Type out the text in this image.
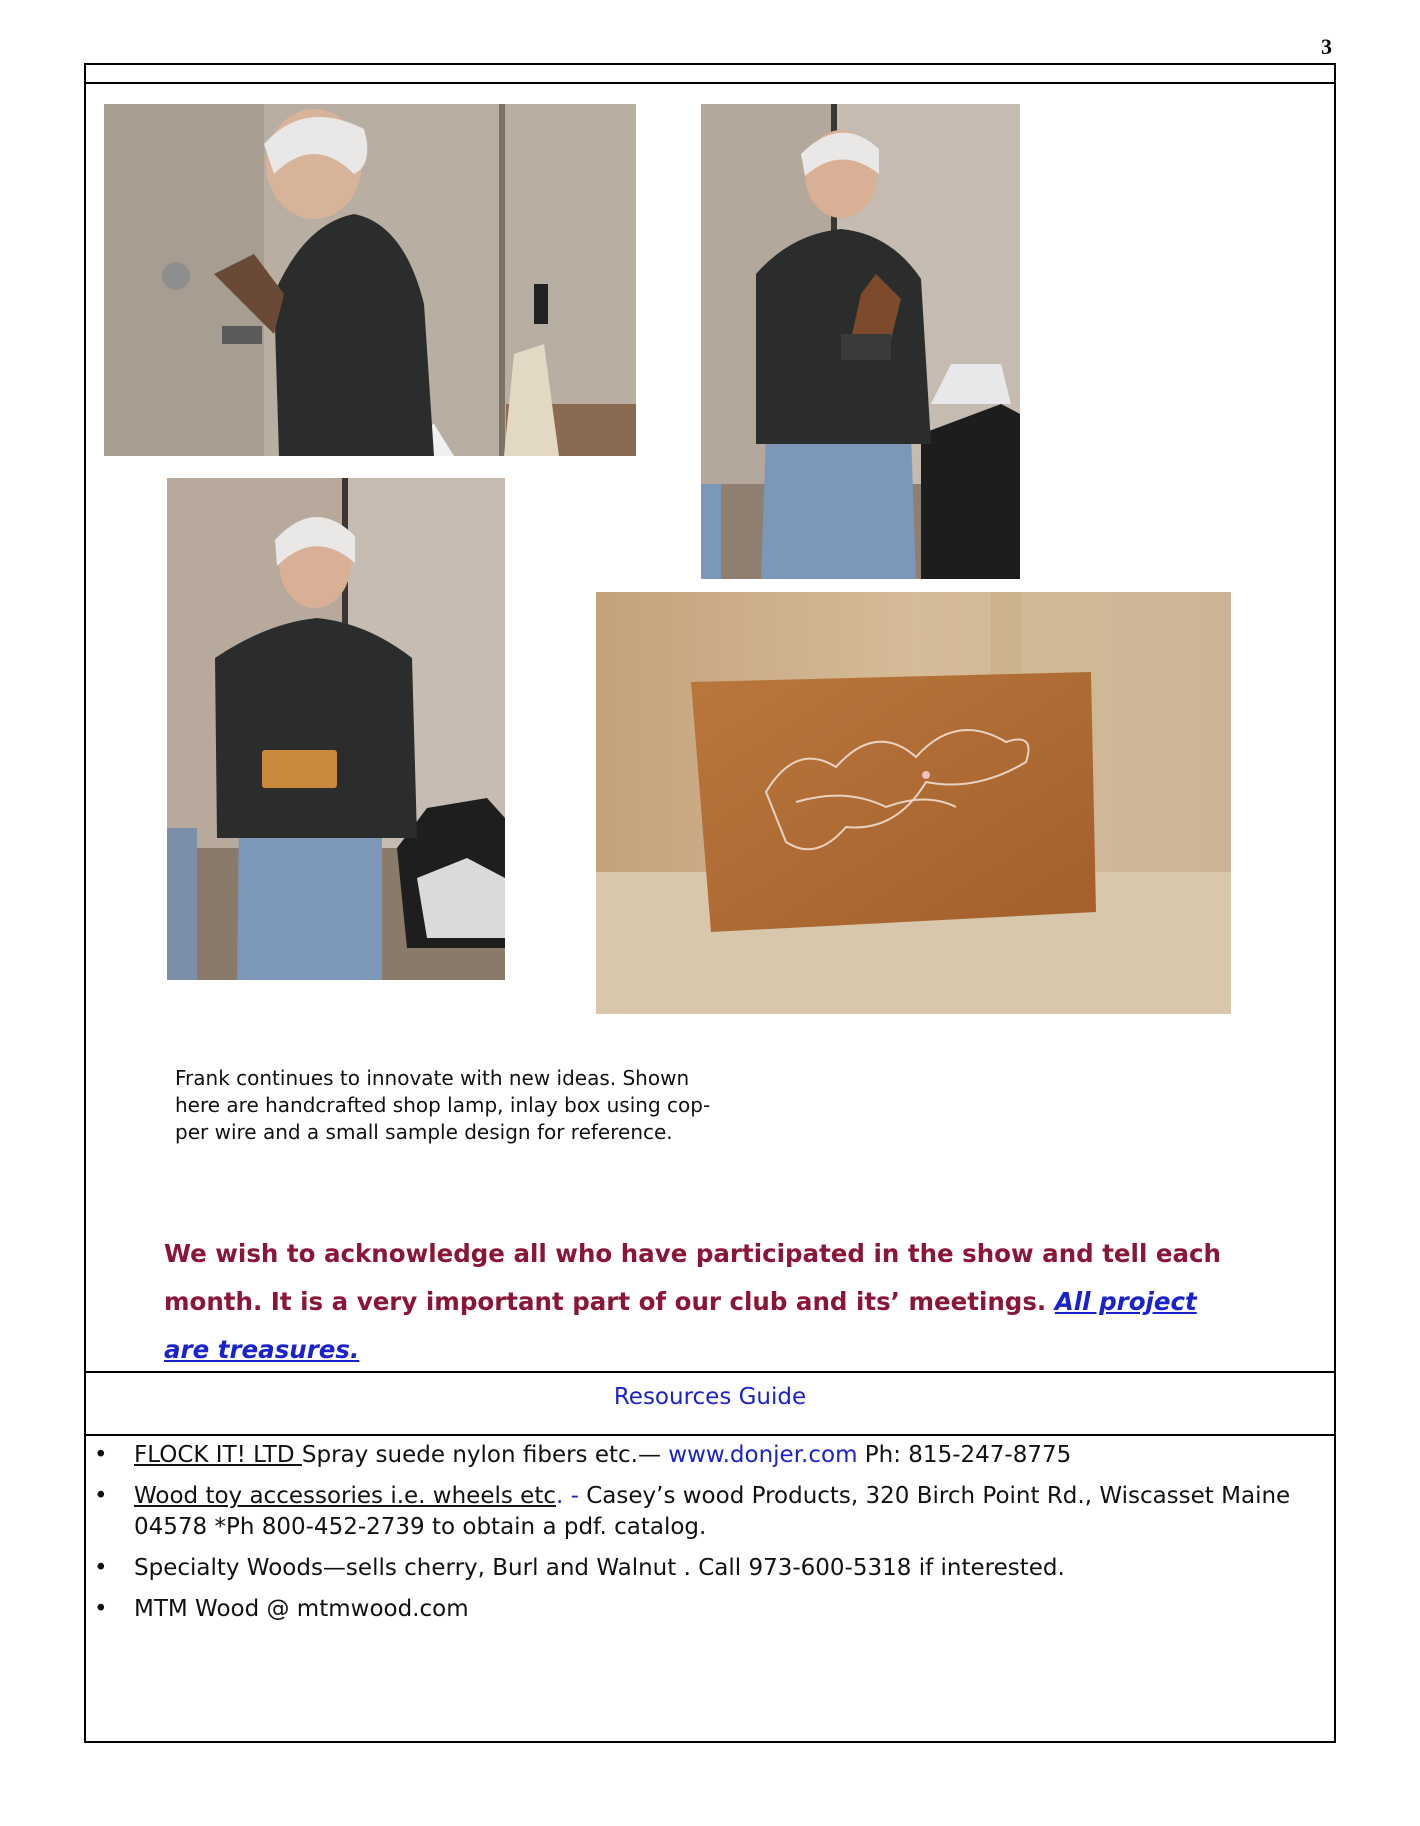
3
Frank continues to innovate with new ideas. Shown
here are handcrafted shop lamp, inlay box using cop-
per wire and a small sample design for reference.
We wish to acknowledge all who have participated in the show and tell each month. It is a very important part of our club and its’ meetings. All project are treasures.
Resources Guide
• FLOCK IT! LTD Spray suede nylon fibers etc.— www.donjer.com Ph: 815-247-8775
• Wood toy accessories i.e. wheels etc. - Casey’s wood Products, 320 Birch Point Rd., Wiscasset Maine 04578 *Ph 800-452-2739 to obtain a pdf. catalog.
• Specialty Woods—sells cherry, Burl and Walnut . Call 973-600-5318 if interested.
• MTM Wood @ mtmwood.com
